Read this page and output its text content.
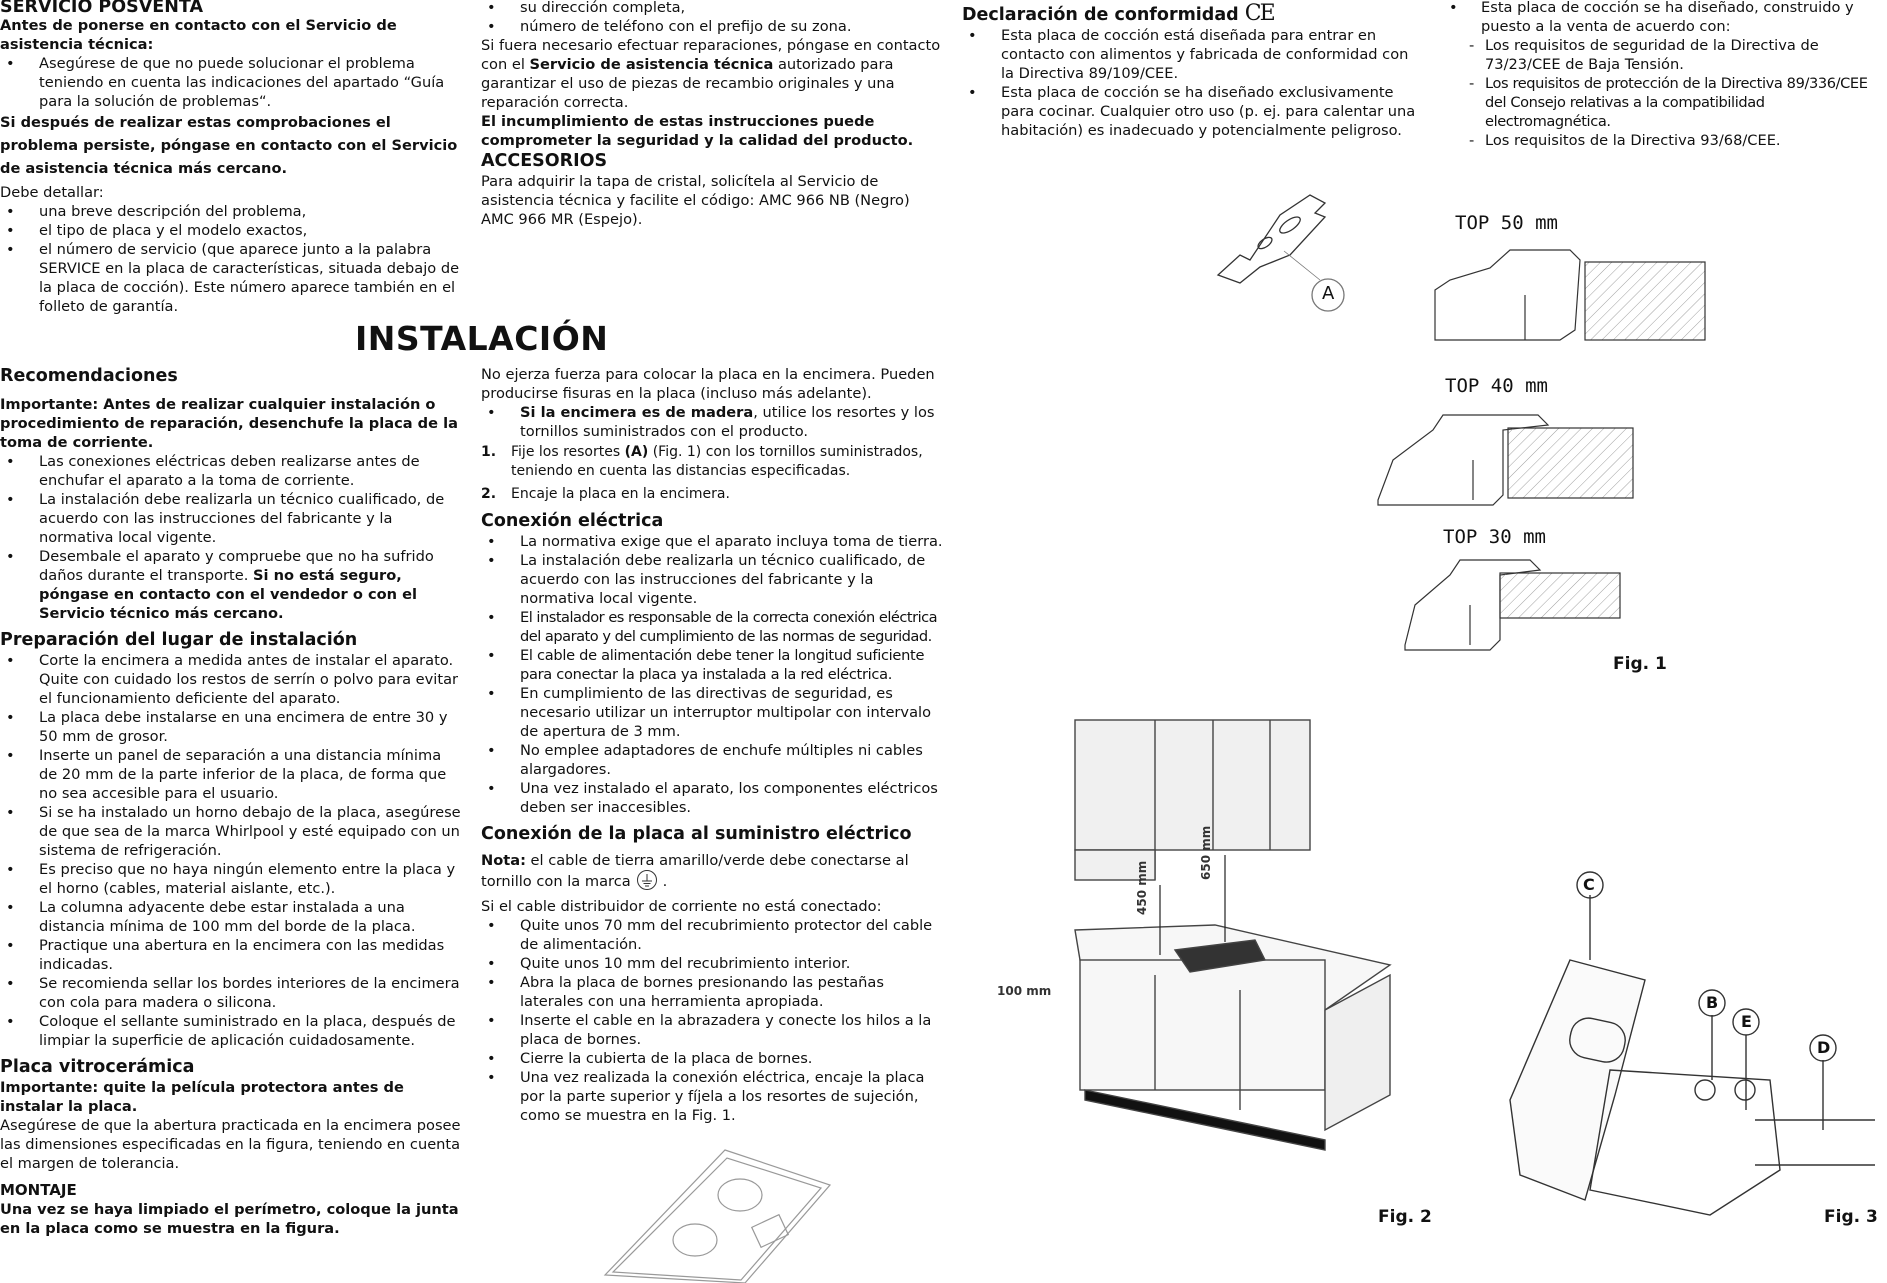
SERVICIO POSVENTA

Antes de ponerse en contacto con el Servicio de asistencia técnica:

• Asegúrese de que no puede solucionar el problema teniendo en cuenta las indicaciones del apartado “Guía para la solución de problemas“.

Si después de realizar estas comprobaciones el problema persiste, póngase en contacto con el Servicio de asistencia técnica más cercano.

Debe detallar:

• una breve descripción del problema,
• el tipo de placa y el modelo exactos,
• el número de servicio (que aparece junto a la palabra SERVICE en la placa de características, situada debajo de la placa de cocción). Este número aparece también en el folleto de garantía.
INSTALACIÓN
Recomendaciones

Importante: Antes de realizar cualquier instalación o procedimiento de reparación, desenchufe la placa de la toma de corriente.

• Las conexiones eléctricas deben realizarse antes de enchufar el aparato a la toma de corriente.
• La instalación debe realizarla un técnico cualificado, de acuerdo con las instrucciones del fabricante y la normativa local vigente.
• Desembale el aparato y compruebe que no ha sufrido daños durante el transporte. Si no está seguro, póngase en contacto con el vendedor o con el Servicio técnico más cercano.
Preparación del lugar de instalación
• Corte la encimera a medida antes de instalar el aparato. Quite con cuidado los restos de serrín o polvo para evitar el funcionamiento deficiente del aparato.
• La placa debe instalarse en una encimera de entre 30 y 50 mm de grosor.
• Inserte un panel de separación a una distancia mínima de 20 mm de la parte inferior de la placa, de forma que no sea accesible para el usuario.
• Si se ha instalado un horno debajo de la placa, asegúrese de que sea de la marca Whirlpool y esté equipado con un sistema de refrigeración.
• Es preciso que no haya ningún elemento entre la placa y el horno (cables, material aislante, etc.).
• La columna adyacente debe estar instalada a una distancia mínima de 100 mm del borde de la placa.
• Practique una abertura en la encimera con las medidas indicadas.
• Se recomienda sellar los bordes interiores de la encimera con cola para madera o silicona.
• Coloque el sellante suministrado en la placa, después de limpiar la superficie de aplicación cuidadosamente.
Placa vitrocerámica

Importante: quite la película protectora antes de instalar la placa.

Asegúrese de que la abertura practicada en la encimera posee las dimensiones especificadas en la figura, teniendo en cuenta el margen de tolerancia.

MONTAJE

Una vez se haya limpiado el perímetro, coloque la junta en la placa como se muestra en la figura.

• su dirección completa,
• número de teléfono con el prefijo de su zona.

Si fuera necesario efectuar reparaciones, póngase en contacto con el Servicio de asistencia técnica autorizado para garantizar el uso de piezas de recambio originales y una reparación correcta.

El incumplimiento de estas instrucciones puede comprometer la seguridad y la calidad del producto.

ACCESORIOS

Para adquirir la tapa de cristal, solicítela al Servicio de asistencia técnica y facilite el código: AMC 966 NB (Negro) AMC 966 MR (Espejo).

No ejerza fuerza para colocar la placa en la encimera. Pueden producirse fisuras en la placa (incluso más adelante).

• Si la encimera es de madera, utilice los resortes y los tornillos suministrados con el producto.
1. Fije los resortes (A) (Fig. 1) con los tornillos suministrados, teniendo en cuenta las distancias especificadas.
2. Encaje la placa en la encimera.
Conexión eléctrica
• La normativa exige que el aparato incluya toma de tierra.
• La instalación debe realizarla un técnico cualificado, de acuerdo con las instrucciones del fabricante y la normativa local vigente.
• El instalador es responsable de la correcta conexión eléctrica del aparato y del cumplimiento de las normas de seguridad.
• El cable de alimentación debe tener la longitud suficiente para conectar la placa ya instalada a la red eléctrica.
• En cumplimiento de las directivas de seguridad, es necesario utilizar un interruptor multipolar con intervalo de apertura de 3 mm.
• No emplee adaptadores de enchufe múltiples ni cables alargadores.
• Una vez instalado el aparato, los componentes eléctricos deben ser inaccesibles.
Conexión de la placa al suministro eléctrico

Nota: el cable de tierra amarillo/verde debe conectarse al tornillo con la marca .

Si el cable distribuidor de corriente no está conectado:

• Quite unos 70 mm del recubrimiento protector del cable de alimentación.
• Quite unos 10 mm del recubrimiento interior.
• Abra la placa de bornes presionando las pestañas laterales con una herramienta apropiada.
• Inserte el cable en la abrazadera y conecte los hilos a la placa de bornes.
• Cierre la cubierta de la placa de bornes.
• Una vez realizada la conexión eléctrica, encaje la placa por la parte superior y fíjela a los resortes de sujeción, como se muestra en la Fig. 1.
Declaración de conformidad CE
• Esta placa de cocción está diseñada para entrar en contacto con alimentos y fabricada de conformidad con la Directiva 89/109/CEE.
• Esta placa de cocción se ha diseñado exclusivamente para cocinar. Cualquier otro uso (p. ej. para calentar una habitación) es inadecuado y potencialmente peligroso.
• Esta placa de cocción se ha diseñado, construido y puesto a la venta de acuerdo con:
- Los requisitos de seguridad de la Directiva de 73/23/CEE de Baja Tensión.
- Los requisitos de protección de la Directiva 89/336/CEE del Consejo relativas a la compatibilidad electromagnética.
- Los requisitos de la Directiva 93/68/CEE.
A
TOP 50 mm
TOP 40 mm
TOP 30 mm
Fig. 1
100 mm
450 mm
650 mm
Fig. 2
C
B
E
D
Fig. 3
